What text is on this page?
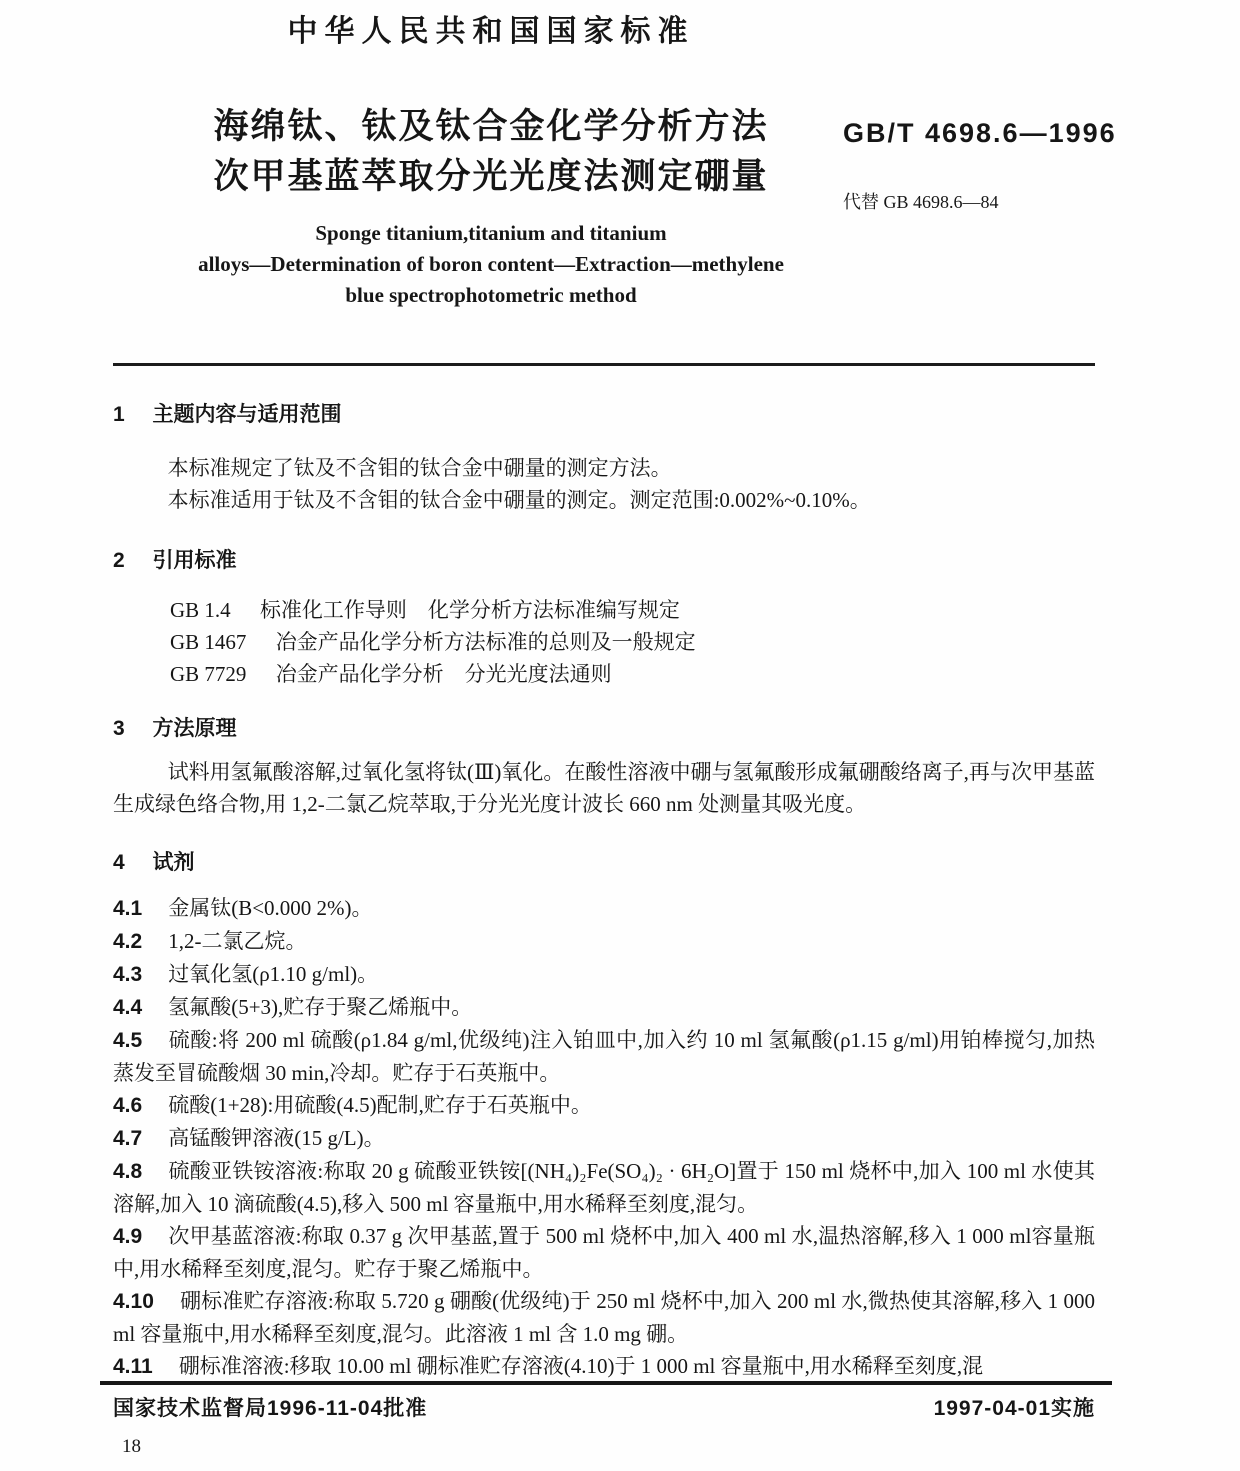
中华人民共和国国家标准
海绵钛、钛及钛合金化学分析方法
次甲基蓝萃取分光光度法测定硼量
Sponge titanium,titanium and titanium
alloys—Determination of boron content—Extraction—methylene
blue spectrophotometric method
1 主题内容与适用范围

本标准规定了钛及不含钼的钛合金中硼量的测定方法。

本标准适用于钛及不含钼的钛合金中硼量的测定。测定范围:0.002%~0.10%。

2 引用标准

GB 1.4 标准化工作导则　化学分析方法标准编写规定

GB 1467 冶金产品化学分析方法标准的总则及一般规定

GB 7729 冶金产品化学分析　分光光度法通则

3 方法原理

试料用氢氟酸溶解,过氧化氢将钛(Ⅲ)氧化。在酸性溶液中硼与氢氟酸形成氟硼酸络离子,再与次甲基蓝生成绿色络合物,用 1,2-二氯乙烷萃取,于分光光度计波长 660 nm 处测量其吸光度。

4 试剂

4.1 金属钛(B<0.000 2%)。

4.2 1,2-二氯乙烷。

4.3 过氧化氢(ρ1.10 g/ml)。

4.4 氢氟酸(5+3),贮存于聚乙烯瓶中。

4.5 硫酸:将 200 ml 硫酸(ρ1.84 g/ml,优级纯)注入铂皿中,加入约 10 ml 氢氟酸(ρ1.15 g/ml)用铂棒搅匀,加热蒸发至冒硫酸烟 30 min,冷却。贮存于石英瓶中。

4.6 硫酸(1+28):用硫酸(4.5)配制,贮存于石英瓶中。

4.7 高锰酸钾溶液(15 g/L)。

4.8 硫酸亚铁铵溶液:称取 20 g 硫酸亚铁铵[(NH₄)₂Fe(SO₄)₂ · 6H₂O]置于 150 ml 烧杯中,加入 100 ml 水使其溶解,加入 10 滴硫酸(4.5),移入 500 ml 容量瓶中,用水稀释至刻度,混匀。

4.9 次甲基蓝溶液:称取 0.37 g 次甲基蓝,置于 500 ml 烧杯中,加入 400 ml 水,温热溶解,移入 1 000 ml容量瓶中,用水稀释至刻度,混匀。贮存于聚乙烯瓶中。

4.10 硼标准贮存溶液:称取 5.720 g 硼酸(优级纯)于 250 ml 烧杯中,加入 200 ml 水,微热使其溶解,移入 1 000 ml 容量瓶中,用水稀释至刻度,混匀。此溶液 1 ml 含 1.0 mg 硼。

4.11 硼标准溶液:移取 10.00 ml 硼标准贮存溶液(4.10)于 1 000 ml 容量瓶中,用水稀释至刻度,混

GB/T 4698.6—1996
代替 GB 4698.6—84
国家技术监督局1996-11-04批准	1997-04-01实施
18
